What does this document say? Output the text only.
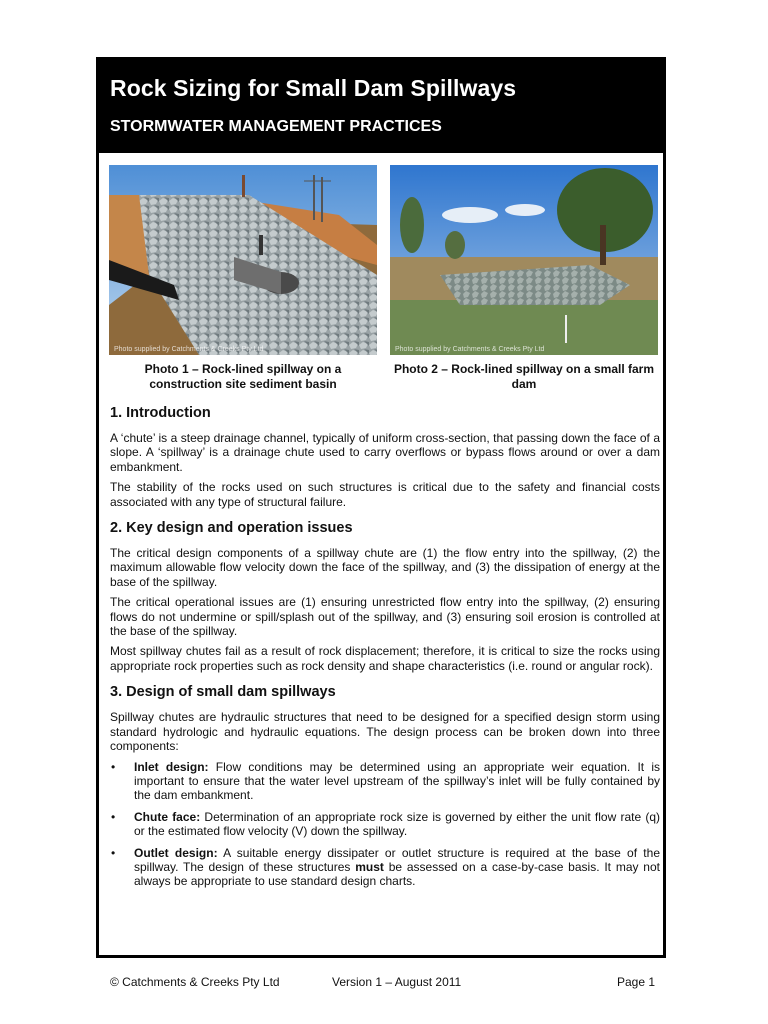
Rock Sizing for Small Dam Spillways
STORMWATER MANAGEMENT PRACTICES
Photo supplied by Catchments & Creeks Pty Ltd	Photo supplied by Catchments & Creeks Pty Ltd
Photo 1 – Rock-lined spillway on a construction site sediment basin
Photo 2 – Rock-lined spillway on a small farm dam
1. Introduction

A ‘chute’ is a steep drainage channel, typically of uniform cross-section, that passing down the face of a slope. A ‘spillway’ is a drainage chute used to carry overflows or bypass flows around or over a dam embankment.

The stability of the rocks used on such structures is critical due to the safety and financial costs associated with any type of structural failure.

2. Key design and operation issues

The critical design components of a spillway chute are (1) the flow entry into the spillway, (2) the maximum allowable flow velocity down the face of the spillway, and (3) the dissipation of energy at the base of the spillway.

The critical operational issues are (1) ensuring unrestricted flow entry into the spillway, (2) ensuring flows do not undermine or spill/splash out of the spillway, and (3) ensuring soil erosion is controlled at the base of the spillway.

Most spillway chutes fail as a result of rock displacement; therefore, it is critical to size the rocks using appropriate rock properties such as rock density and shape characteristics (i.e. round or angular rock).

3. Design of small dam spillways

Spillway chutes are hydraulic structures that need to be designed for a specified design storm using standard hydrologic and hydraulic equations. The design process can be broken down into three components:

• Inlet design: Flow conditions may be determined using an appropriate weir equation. It is important to ensure that the water level upstream of the spillway’s inlet will be fully contained by the dam embankment.
• Chute face: Determination of an appropriate rock size is governed by either the unit flow rate (q) or the estimated flow velocity (V) down the spillway.
• Outlet design: A suitable energy dissipater or outlet structure is required at the base of the spillway. The design of these structures must be assessed on a case-by-case basis. It may not always be appropriate to use standard design charts.
© Catchments & Creeks Pty Ltd	Version 1 – August 2011	Page 1
